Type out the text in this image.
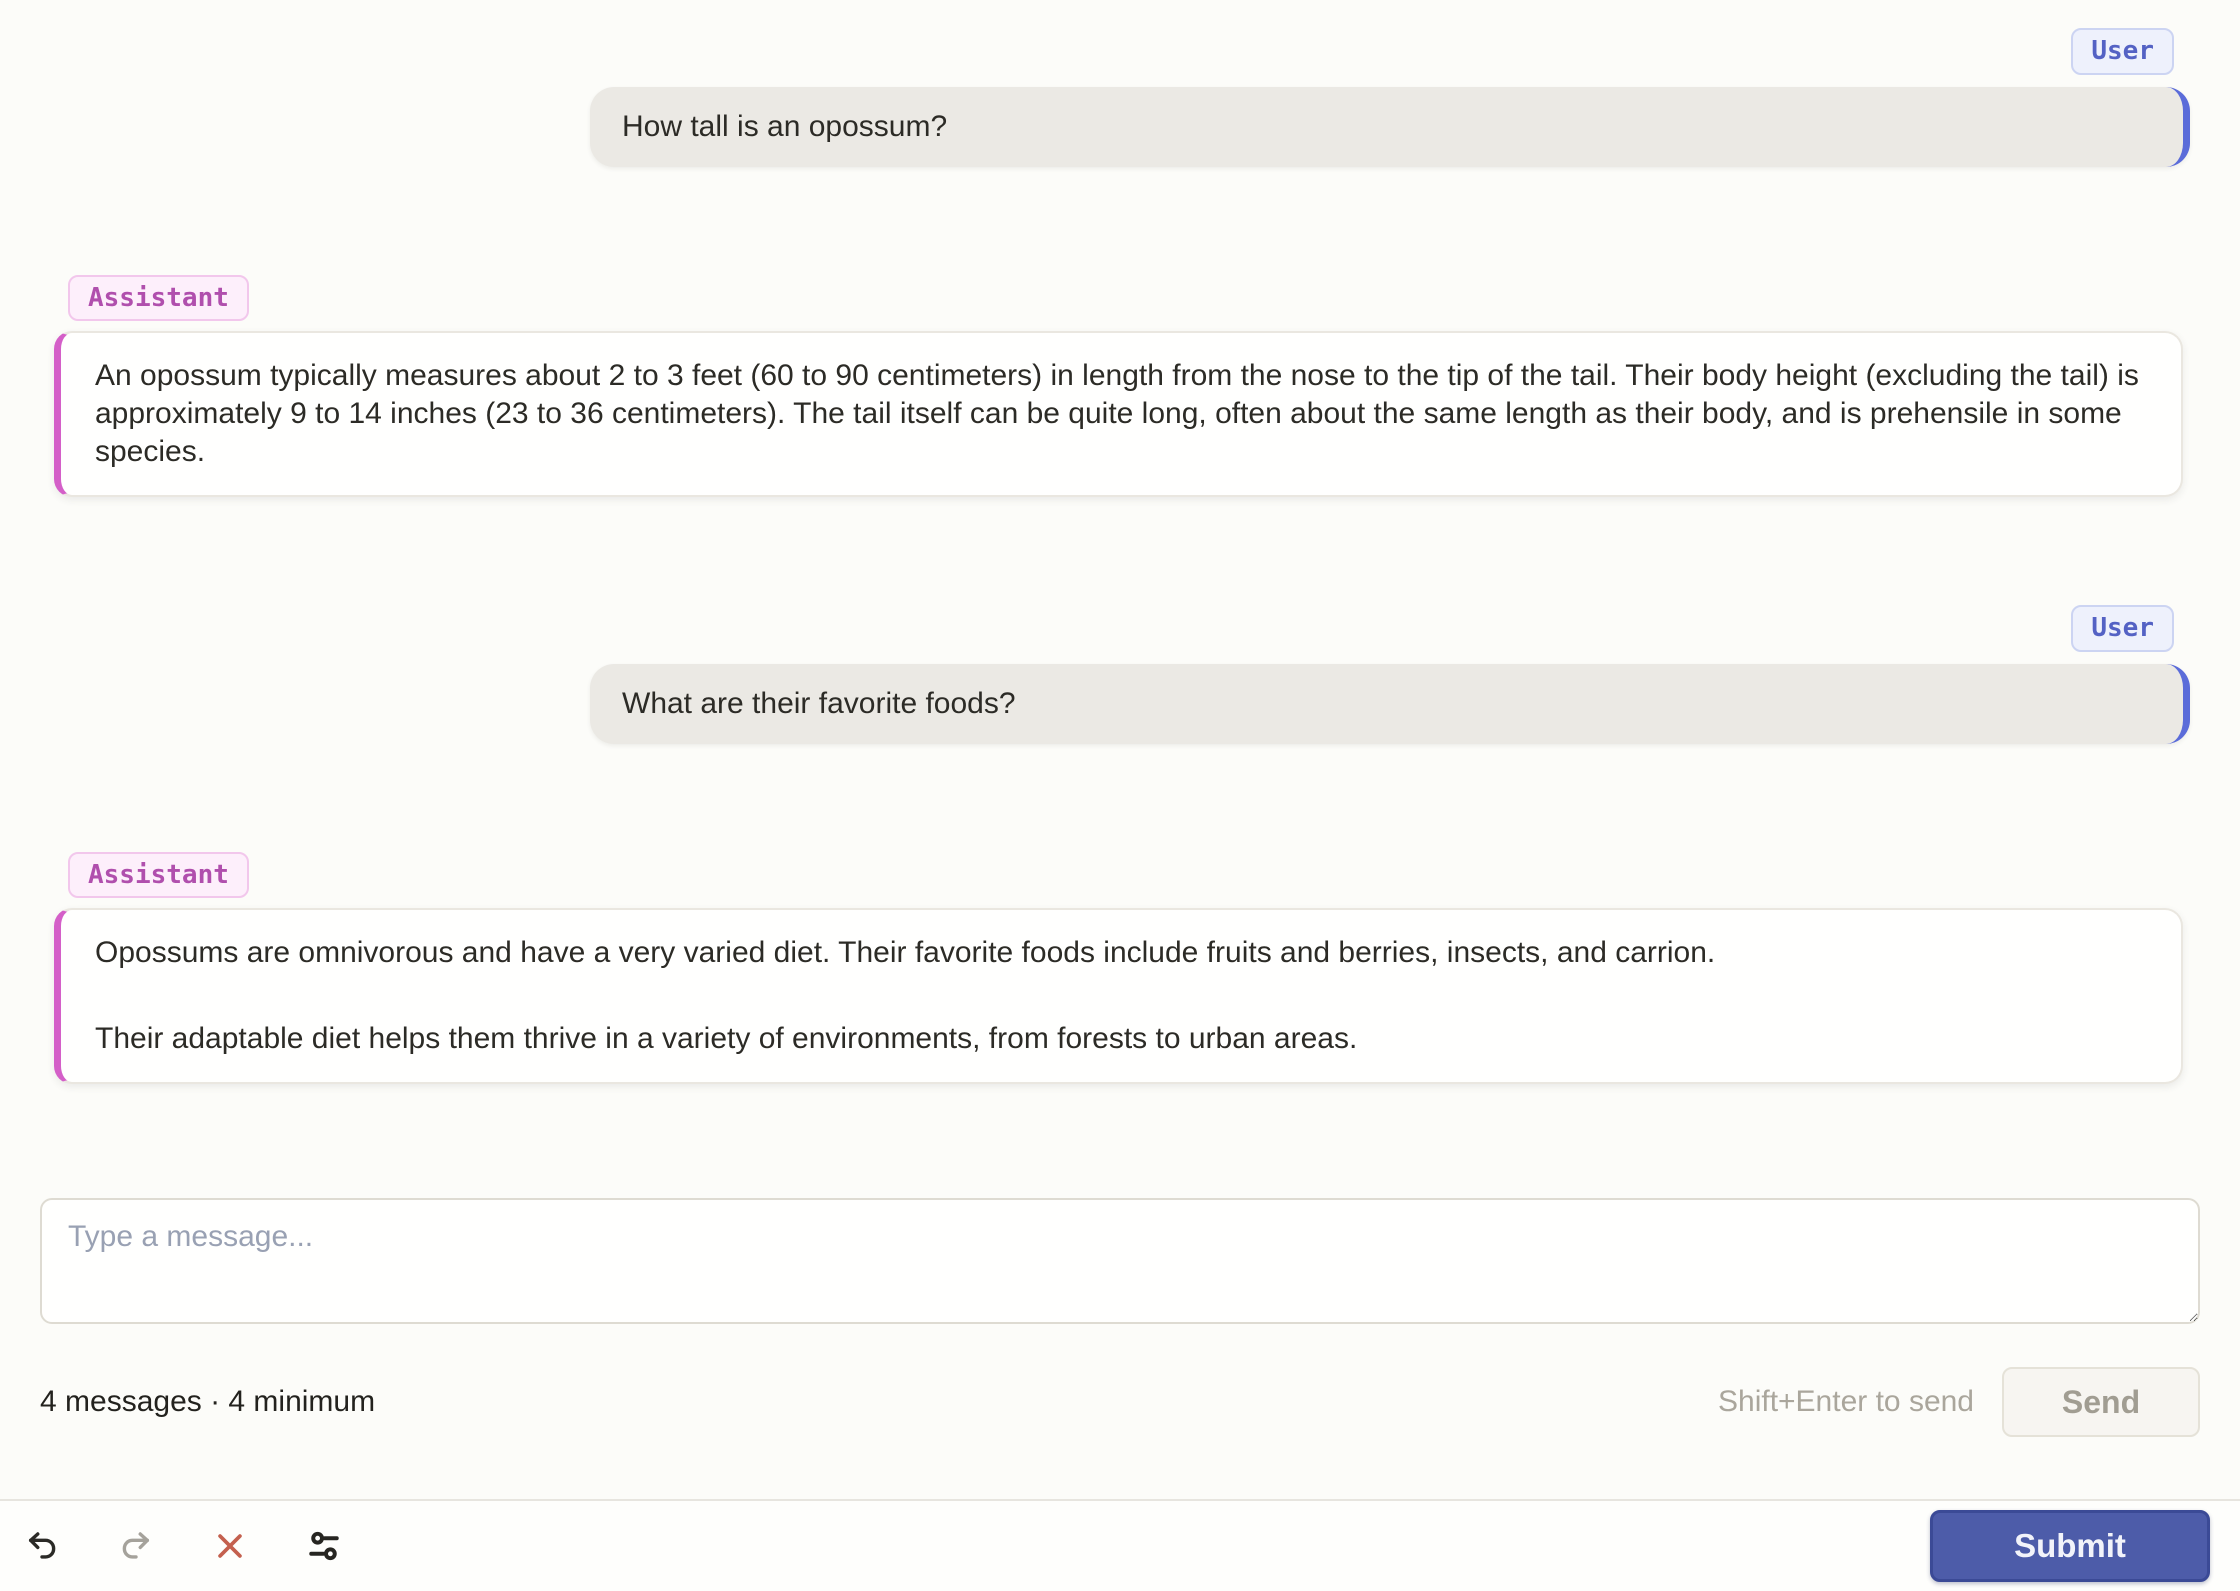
User
How tall is an opossum?
Assistant

An opossum typically measures about 2 to 3 feet (60 to 90 centimeters) in length from the nose to the tip of the tail. Their body height (excluding the tail) is approximately 9 to 14 inches (23 to 36 centimeters). The tail itself can be quite long, often about the same length as their body, and is prehensile in some species.

User
What are their favorite foods?
Assistant

Opossums are omnivorous and have a very varied diet. Their favorite foods include fruits and berries, insects, and carrion.

Their adaptable diet helps them thrive in a variety of environments, from forests to urban areas.

Type a message...
4 messages · 4 minimum	Shift+Enter to send	Send
Submit
